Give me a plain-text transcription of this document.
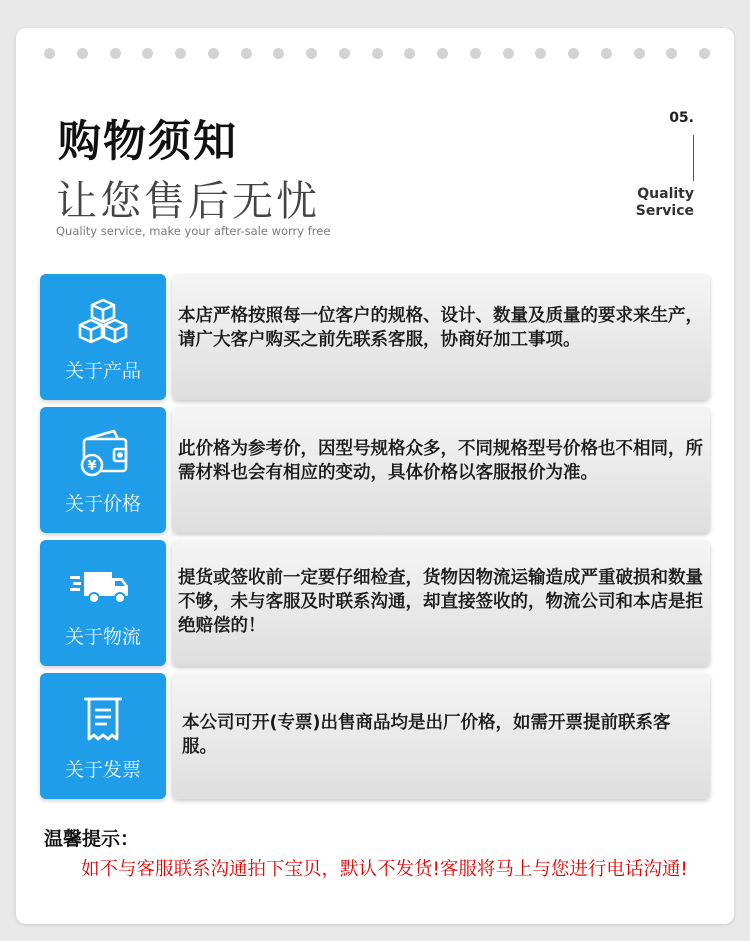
购物须知
让您售后无忧
Quality service, make your after-sale worry free
05.
Quality
Service
关于产品

本店严格按照每一位客户的规格、设计、数量及质量的要求来生产，请广大客户购买之前先联系客服，协商好加工事项。

¥
关于价格

此价格为参考价，因型号规格众多，不同规格型号价格也不相同，所需材料也会有相应的变动，具体价格以客服报价为准。

关于物流

提货或签收前一定要仔细检查，货物因物流运输造成严重破损和数量不够，未与客服及时联系沟通，却直接签收的，物流公司和本店是拒绝赔偿的！

关于发票

本公司可开(专票)出售商品均是出厂价格，如需开票提前联系客服。

温馨提示：
如不与客服联系沟通拍下宝贝，默认不发货!客服将马上与您进行电话沟通!
